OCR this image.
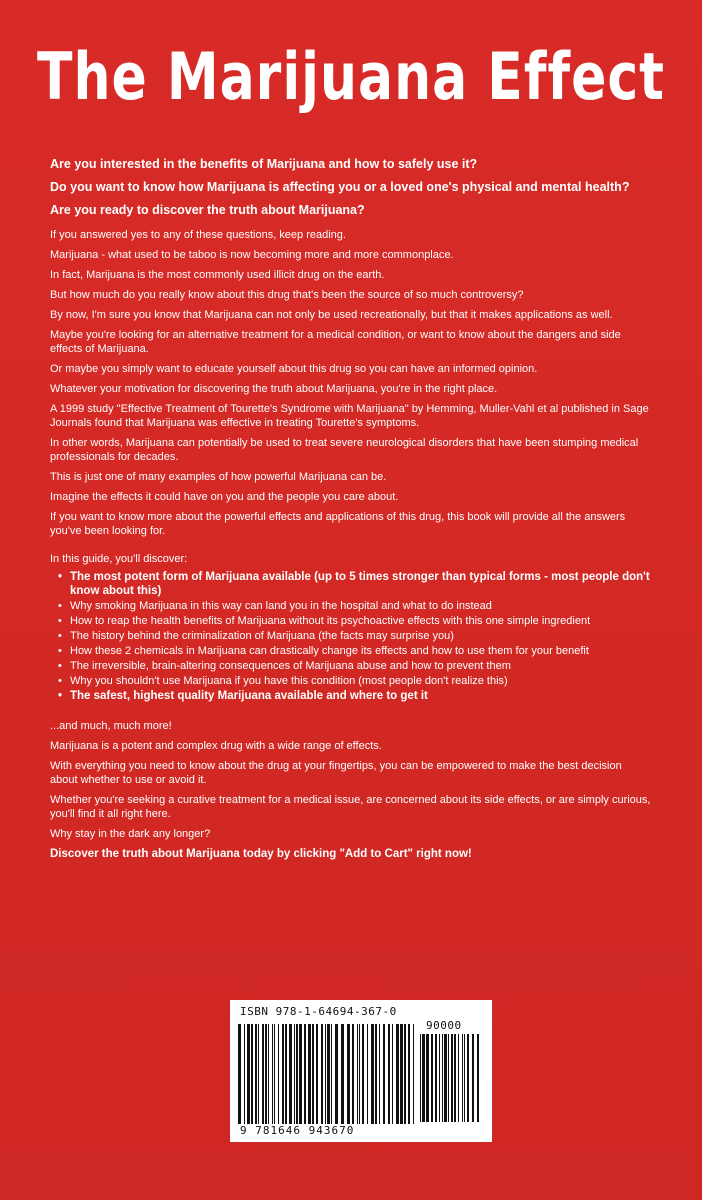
The Marijuana Effect
Are you interested in the benefits of Marijuana and how to safely use it?
Do you want to know how Marijuana is affecting you or a loved one's physical and mental health?
Are you ready to discover the truth about Marijuana?
If you answered yes to any of these questions, keep reading.
Marijuana - what used to be taboo is now becoming more and more commonplace.
In fact, Marijuana is the most commonly used illicit drug on the earth.
But how much do you really know about this drug that's been the source of so much controversy?
By now, I'm sure you know that Marijuana can not only be used recreationally, but that it makes applications as well.
Maybe you're looking for an alternative treatment for a medical condition, or want to know about the dangers and side effects of Marijuana.
Or maybe you simply want to educate yourself about this drug so you can have an informed opinion.
Whatever your motivation for discovering the truth about Marijuana, you're in the right place.
A 1999 study "Effective Treatment of Tourette's Syndrome with Marijuana" by Hemming, Muller-Vahl et al published in Sage Journals found that Marijuana was effective in treating Tourette's symptoms.
In other words, Marijuana can potentially be used to treat severe neurological disorders that have been stumping medical professionals for decades.
This is just one of many examples of how powerful Marijuana can be.
Imagine the effects it could have on you and the people you care about.
If you want to know more about the powerful effects and applications of this drug, this book will provide all the answers you've been looking for.
In this guide, you'll discover:
• The most potent form of Marijuana available (up to 5 times stronger than typical forms - most people don't know about this)
• Why smoking Marijuana in this way can land you in the hospital and what to do instead
• How to reap the health benefits of Marijuana without its psychoactive effects with this one simple ingredient
• The history behind the criminalization of Marijuana (the facts may surprise you)
• How these 2 chemicals in Marijuana can drastically change its effects and how to use them for your benefit
• The irreversible, brain-altering consequences of Marijuana abuse and how to prevent them
• Why you shouldn't use Marijuana if you have this condition (most people don't realize this)
• The safest, highest quality Marijuana available and where to get it
...and much, much more!
Marijuana is a potent and complex drug with a wide range of effects.
With everything you need to know about the drug at your fingertips, you can be empowered to make the best decision about whether to use or avoid it.
Whether you're seeking a curative treatment for a medical issue, are concerned about its side effects, or are simply curious, you'll find it all right here.
Why stay in the dark any longer?
Discover the truth about Marijuana today by clicking "Add to Cart" right now!
ISBN 978-1-64694-367-0
90000
9 781646 943670
